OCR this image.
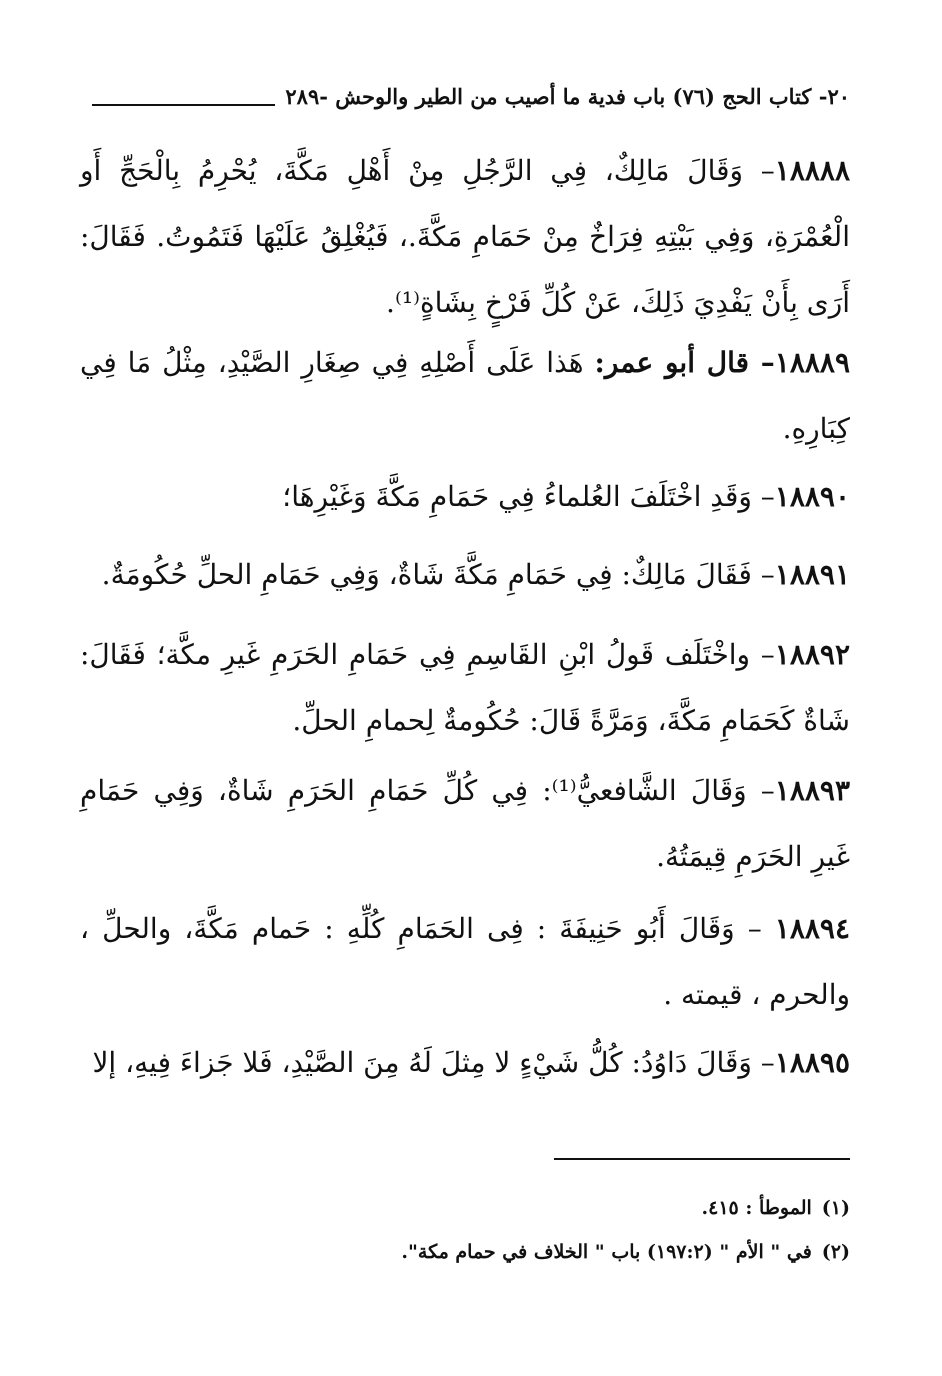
٢٠- كتاب الحج (٧٦) باب فدية ما أصيب من الطير والوحش -٢٨٩
١٨٨٨٨– وَقَالَ مَالِكٌ، فِي الرَّجُلِ مِنْ أَهْلِ مَكَّةَ، يُحْرِمُ بِالْحَجِّ أَو الْعُمْرَةِ، وَفِي بَيْتِهِ فِرَاخٌ مِنْ حَمَامِ مَكَّةَ.، فَيُغْلِقُ عَلَيْهَا فَتَمُوتُ. فَقَالَ: أَرَى بِأَنْ يَفْدِيَ ذَلِكَ، عَنْ كُلِّ فَرْخٍ بِشَاةٍ⁽¹⁾.
١٨٨٨٩– قال أبو عمر: هَذا عَلَى أَصْلِهِ فِي صِغَارِ الصَّيْدِ، مِثْلُ مَا فِي كِبَارِهِ.
١٨٨٩٠– وَقَدِ اخْتَلَفَ العُلماءُ فِي حَمَامِ مَكَّةَ وَغَيْرِهَا؛
١٨٨٩١– فَقَالَ مَالِكٌ: فِي حَمَامِ مَكَّةَ شَاةٌ، وَفِي حَمَامِ الحلِّ حُكُومَةٌ.
١٨٨٩٢– واخْتَلَف قَولُ ابْنِ القَاسِمِ فِي حَمَامِ الحَرَمِ غَيرِ مكَّة؛ فَقَالَ: شَاةٌ كَحَمَامِ مَكَّةَ، وَمَرَّةً قَالَ: حُكُومةٌ لِحمامِ الحلِّ.
١٨٨٩٣– وَقَالَ الشَّافعيُّ⁽¹⁾: فِي كُلِّ حَمَامِ الحَرَمِ شَاةٌ، وَفِي حَمَامِ غَيرِ الحَرَمِ قِيمَتُهُ.
١٨٨٩٤ – وَقَالَ أَبُو حَنِيفَةَ : فِى الحَمَامِ كُلِّهِ : حَمام مَكَّةَ، والحلِّ ، والحرم ، قيمته .
١٨٨٩٥– وَقَالَ دَاوُدُ: كُلُّ شَيْءٍ لا مِثلَ لَهُ مِنَ الصَّيْدِ، فَلا جَزاءَ فِيهِ، إلا
(١)الموطأ : ٤١٥.
(٢)في " الأم " (١٩٧:٢) باب " الخلاف في حمام مكة".
